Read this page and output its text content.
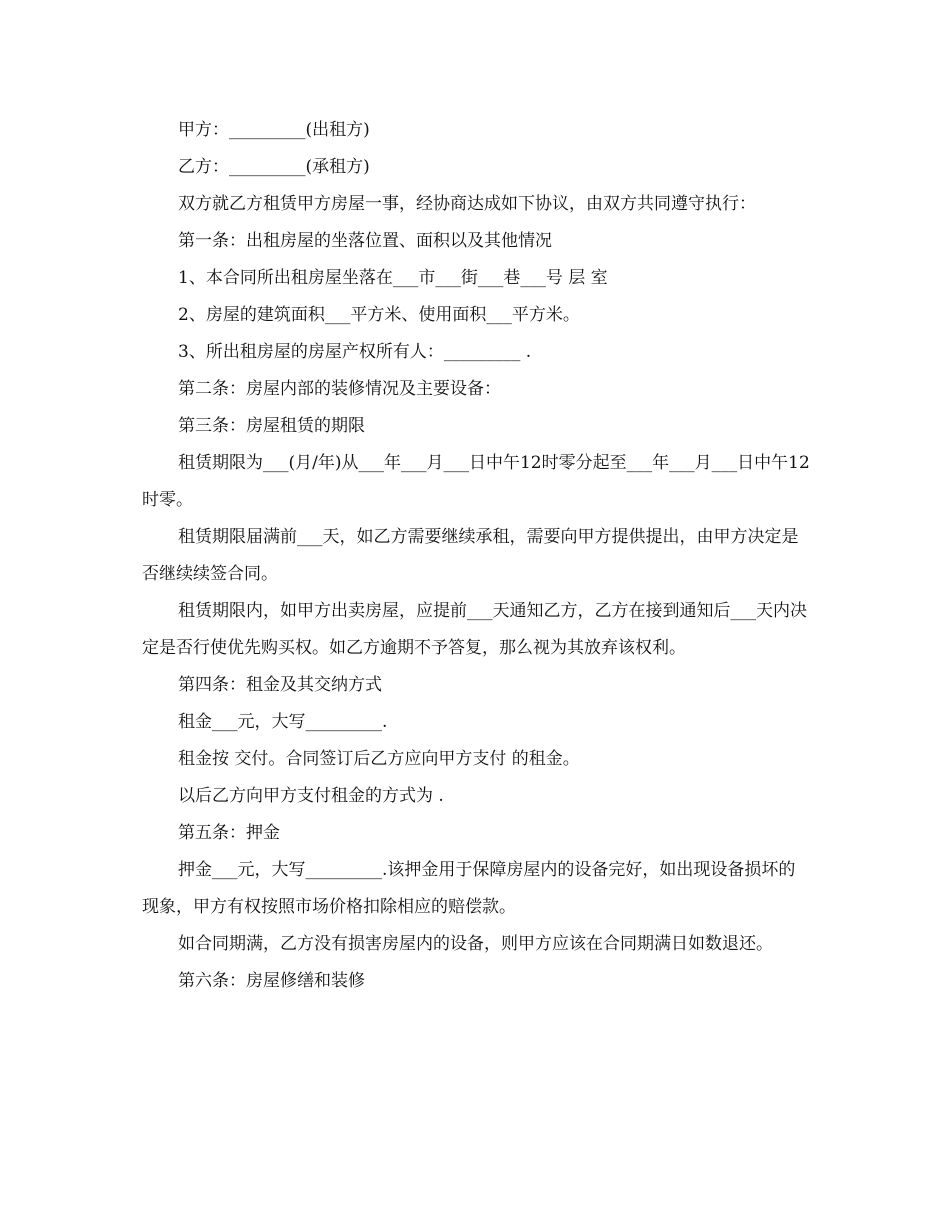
甲方：_________(出租方)

乙方：_________(承租方)

双方就乙方租赁甲方房屋一事，经协商达成如下协议，由双方共同遵守执行：

第一条：出租房屋的坐落位置、面积以及其他情况

1、本合同所出租房屋坐落在___市___街___巷___号 层 室

2、房屋的建筑面积___平方米、使用面积___平方米。

3、所出租房屋的房屋产权所有人：_________ .

第二条：房屋内部的装修情况及主要设备：

第三条：房屋租赁的期限

租赁期限为___(月/年)从___年___月___日中午12时零分起至___年___月___日中午12时零。

租赁期限届满前___天，如乙方需要继续承租，需要向甲方提供提出，由甲方决定是否继续续签合同。

租赁期限内，如甲方出卖房屋，应提前___天通知乙方，乙方在接到通知后___天内决定是否行使优先购买权。如乙方逾期不予答复，那么视为其放弃该权利。

第四条：租金及其交纳方式

租金___元，大写_________.

租金按 交付。合同签订后乙方应向甲方支付 的租金。

以后乙方向甲方支付租金的方式为 .

第五条：押金

押金___元，大写_________.该押金用于保障房屋内的设备完好，如出现设备损坏的现象，甲方有权按照市场价格扣除相应的赔偿款。

如合同期满，乙方没有损害房屋内的设备，则甲方应该在合同期满日如数退还。

第六条：房屋修缮和装修
